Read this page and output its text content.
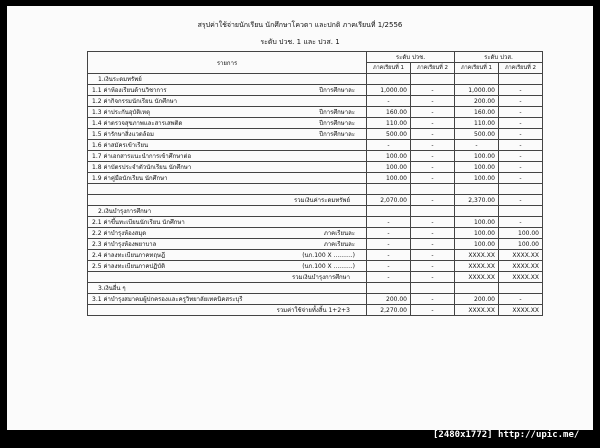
สรุปค่าใช้จ่ายนักเรียน นักศึกษาโควตา และปกติ ภาคเรียนที่ 1/2556
ระดับ ปวช. 1 และ ปวส. 1
รายการ	ระดับ ปวช.		ระดับ ปวส.	
	ภาคเรียนที่ 1	ภาคเรียนที่ 2	ภาคเรียนที่ 1	ภาคเรียนที่ 2
1.เงินระดมทรัพย์				
1.1 ค่าห้องเรียนด้านวิชาการ ปีการศึกษาละ	1,000.00	-	1,000.00	-
1.2 ค่ากิจกรรมนักเรียน นักศึกษา	-	-	200.00	-
1.3 ค่าประกันอุบัติเหตุ ปีการศึกษาละ	160.00	-	160.00	-
1.4 ค่าตรวจสุขภาพและสารเสพติด ปีการศึกษาละ	110.00	-	110.00	-
1.5 ค่ารักษาสิ่งแวดล้อม ปีการศึกษาละ	500.00	-	500.00	-
1.6 ค่าสมัครเข้าเรียน	-	-	-	-
1.7 ค่าเอกสารแนะนำการเข้าศึกษาต่อ	100.00	-	100.00	-
1.8 ค่าบัตรประจำตัวนักเรียน นักศึกษา	100.00	-	100.00	-
1.9 ค่าคู่มือนักเรียน นักศึกษา	100.00	-	100.00	-

รวมเงินค่าระดมทรัพย์	2,070.00	-	2,370.00	-
2.เงินบำรุงการศึกษา				
2.1 ค่าขึ้นทะเบียนนักเรียน นักศึกษา	-	-	100.00	-
2.2 ค่าบำรุงห้องสมุด ภาคเรียนละ	-	-	100.00	100.00
2.3 ค่าบำรุงห้องพยาบาล ภาคเรียนละ	-	-	100.00	100.00
2.4 ค่าลงทะเบียนภาคทฤษฎี (นก.100 X ..........)	-	-	XXXX.XX	XXXX.XX
2.5 ค่าลงทะเบียนภาคปฏิบัติ (นก.100 X ..........)	-	-	XXXX.XX	XXXX.XX
รวมเงินบำรุงการศึกษา	-	-	XXXX.XX	XXXX.XX
3.เงินอื่น ๆ				
3.1 ค่าบำรุงสมาคมผู้ปกครองและครูวิทยาลัยเทคนิคสระบุรี	200.00	-	200.00	-
รวมค่าใช้จ่ายทั้งสิ้น 1+2+3	2,270.00	-	XXXX.XX	XXXX.XX
[2480x1772] http://upic.me/
